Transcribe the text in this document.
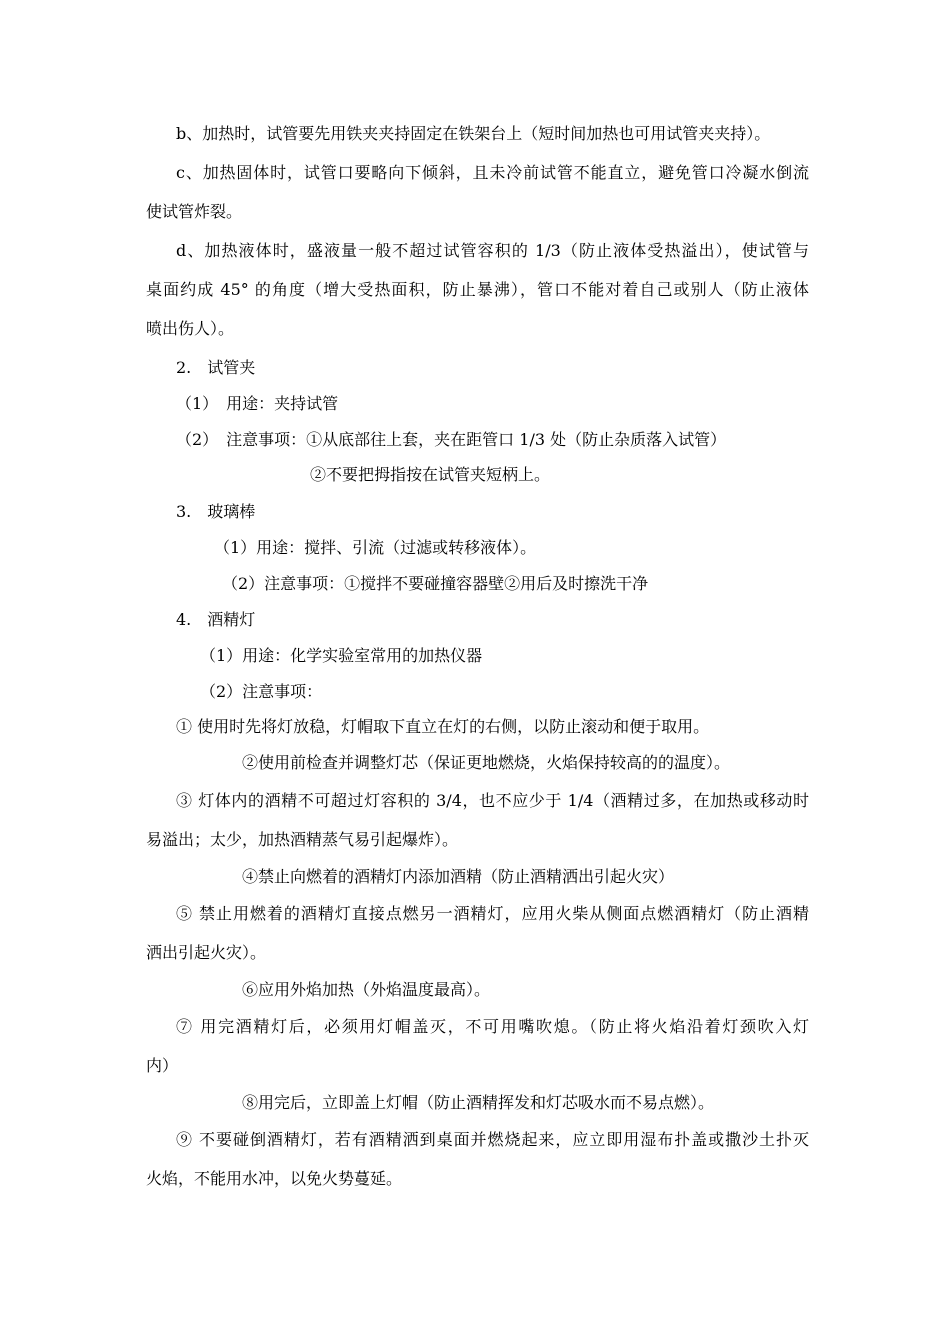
b、加热时，试管要先用铁夹夹持固定在铁架台上（短时间加热也可用试管夹夹持）。

c、加热固体时，试管口要略向下倾斜，且未冷前试管不能直立，避免管口冷凝水倒流

使试管炸裂。

d、加热液体时，盛液量一般不超过试管容积的 1/3（防止液体受热溢出），使试管与

桌面约成 45° 的角度（增大受热面积，防止暴沸），管口不能对着自己或别人（防止液体

喷出伤人）。

2.　试管夹

（1）　用途：夹持试管

（2）　注意事项：①从底部往上套，夹在距管口 1/3 处（防止杂质落入试管）

②不要把拇指按在试管夹短柄上。

3.　玻璃棒

（1）用途：搅拌、引流（过滤或转移液体）。

（2）注意事项：①搅拌不要碰撞容器壁②用后及时擦洗干净

4.　酒精灯

（1）用途：化学实验室常用的加热仪器

（2）注意事项：

① 使用时先将灯放稳，灯帽取下直立在灯的右侧，以防止滚动和便于取用。

②使用前检查并调整灯芯（保证更地燃烧，火焰保持较高的的温度）。

③ 灯体内的酒精不可超过灯容积的 3/4，也不应少于 1/4（酒精过多，在加热或移动时

易溢出；太少，加热酒精蒸气易引起爆炸）。

④禁止向燃着的酒精灯内添加酒精（防止酒精洒出引起火灾）

⑤ 禁止用燃着的酒精灯直接点燃另一酒精灯，应用火柴从侧面点燃酒精灯（防止酒精

洒出引起火灾）。

⑥应用外焰加热（外焰温度最高）。

⑦ 用完酒精灯后，必须用灯帽盖灭，不可用嘴吹熄。（防止将火焰沿着灯颈吹入灯

内）

⑧用完后，立即盖上灯帽（防止酒精挥发和灯芯吸水而不易点燃）。

⑨ 不要碰倒酒精灯，若有酒精洒到桌面并燃烧起来，应立即用湿布扑盖或撒沙土扑灭

火焰，不能用水冲，以免火势蔓延。
